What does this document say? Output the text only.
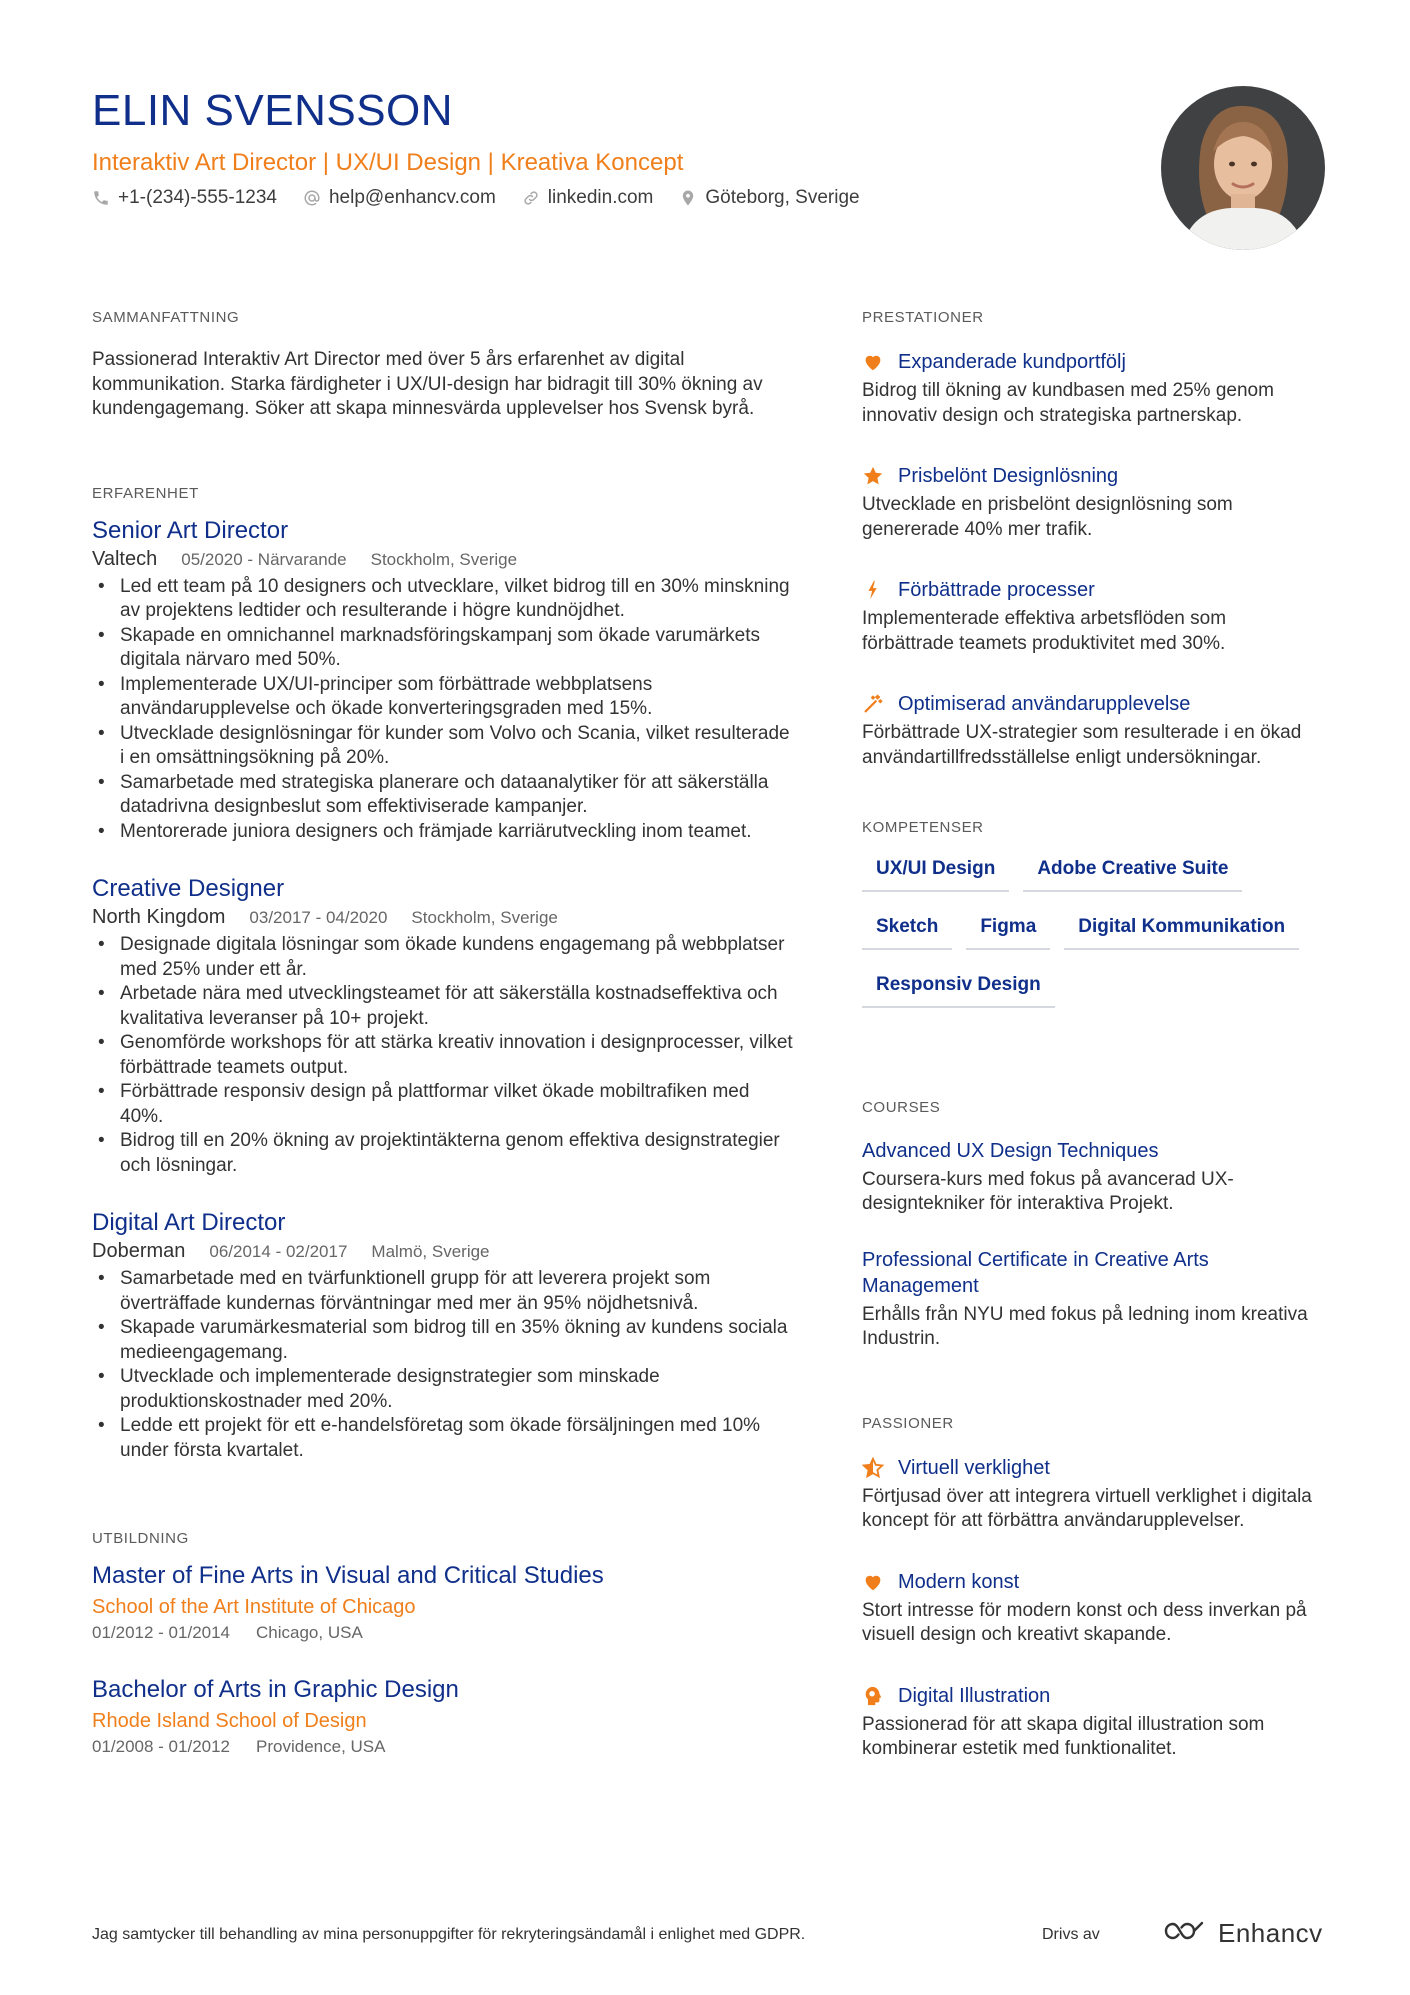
ELIN SVENSSON
Interaktiv Art Director | UX/UI Design | Kreativa Koncept
+1-(234)-555-1234	help@enhancv.com	linkedin.com	Göteborg, Sverige
SAMMANFATTNING

Passionerad Interaktiv Art Director med över 5 års erfarenhet av digital kommunikation. Starka färdigheter i UX/UI-design har bidragit till 30% ökning av kundengagemang. Söker att skapa minnesvärda upplevelser hos Svensk byrå.

ERFARENHET
Senior Art Director
Valtech 05/2020 - Närvarande Stockholm, Sverige
• Led ett team på 10 designers och utvecklare, vilket bidrog till en 30% minskning av projektens ledtider och resulterande i högre kundnöjdhet.
• Skapade en omnichannel marknadsföringskampanj som ökade varumärkets digitala närvaro med 50%.
• Implementerade UX/UI-principer som förbättrade webbplatsens användarupplevelse och ökade konverteringsgraden med 15%.
• Utvecklade designlösningar för kunder som Volvo och Scania, vilket resulterade i en omsättningsökning på 20%.
• Samarbetade med strategiska planerare och dataanalytiker för att säkerställa datadrivna designbeslut som effektiviserade kampanjer.
• Mentorerade juniora designers och främjade karriärutveckling inom teamet.
Creative Designer
North Kingdom 03/2017 - 04/2020 Stockholm, Sverige
• Designade digitala lösningar som ökade kundens engagemang på webbplatser med 25% under ett år.
• Arbetade nära med utvecklingsteamet för att säkerställa kostnadseffektiva och kvalitativa leveranser på 10+ projekt.
• Genomförde workshops för att stärka kreativ innovation i designprocesser, vilket förbättrade teamets output.
• Förbättrade responsiv design på plattformar vilket ökade mobiltrafiken med 40%.
• Bidrog till en 20% ökning av projektintäkterna genom effektiva designstrategier och lösningar.
Digital Art Director
Doberman 06/2014 - 02/2017 Malmö, Sverige
• Samarbetade med en tvärfunktionell grupp för att leverera projekt som överträffade kundernas förväntningar med mer än 95% nöjdhetsnivå.
• Skapade varumärkesmaterial som bidrog till en 35% ökning av kundens sociala medieengagemang.
• Utvecklade och implementerade designstrategier som minskade produktionskostnader med 20%.
• Ledde ett projekt för ett e-handelsföretag som ökade försäljningen med 10% under första kvartalet.
UTBILDNING
Master of Fine Arts in Visual and Critical Studies
School of the Art Institute of Chicago
01/2012 - 01/2014 Chicago, USA
Bachelor of Arts in Graphic Design
Rhode Island School of Design
01/2008 - 01/2012 Providence, USA
PRESTATIONER
Expanderade kundportfölj
Bidrog till ökning av kundbasen med 25% genom innovativ design och strategiska partnerskap.
Prisbelönt Designlösning
Utvecklade en prisbelönt designlösning som genererade 40% mer trafik.
Förbättrade processer
Implementerade effektiva arbetsflöden som förbättrade teamets produktivitet med 30%.
Optimiserad användarupplevelse
Förbättrade UX-strategier som resulterade i en ökad användartillfredsställelse enligt undersökningar.
KOMPETENSER
UX/UI Design	Adobe Creative Suite
Sketch	Figma	Digital Kommunikation
Responsiv Design
COURSES
Advanced UX Design Techniques
Coursera-kurs med fokus på avancerad UX-designtekniker för interaktiva Projekt.
Professional Certificate in Creative Arts Management
Erhålls från NYU med fokus på ledning inom kreativa Industrin.
PASSIONER
Virtuell verklighet
Förtjusad över att integrera virtuell verklighet i digitala koncept för att förbättra användarupplevelser.
Modern konst
Stort intresse för modern konst och dess inverkan på visuell design och kreativt skapande.
Digital Illustration
Passionerad för att skapa digital illustration som kombinerar estetik med funktionalitet.
Jag samtycker till behandling av mina personuppgifter för rekryteringsändamål i enlighet med GDPR.	Drivs av	Enhancv
